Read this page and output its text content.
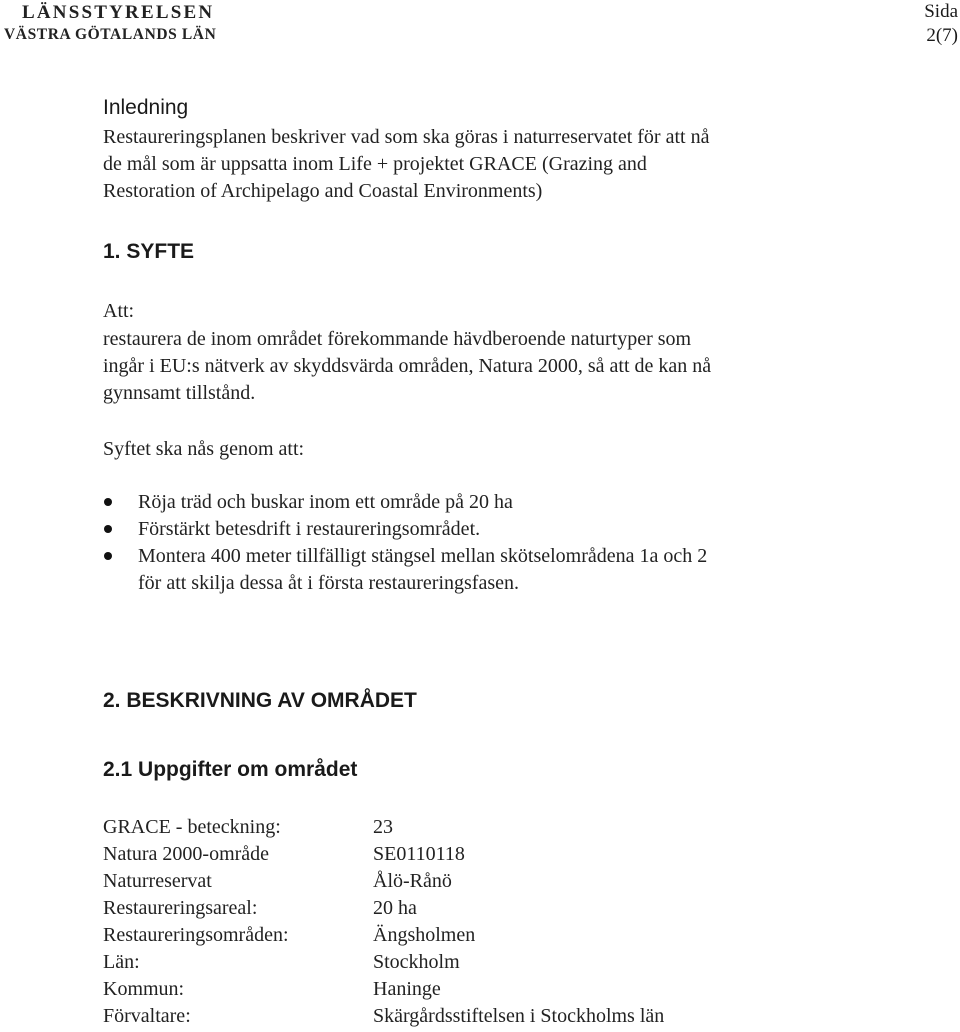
LÄNSSTYRELSEN
VÄSTRA GÖTALANDS LÄN
Sida
2(7)
Inledning
Restaureringsplanen beskriver vad som ska göras i naturreservatet för att nå
de mål som är uppsatta inom Life + projektet GRACE (Grazing and
Restoration of Archipelago and Coastal Environments)
1. SYFTE
Att:
restaurera de inom området förekommande hävdberoende naturtyper som
ingår i EU:s nätverk av skyddsvärda områden, Natura 2000, så att de kan nå
gynnsamt tillstånd.
Syftet ska nås genom att:
Röja träd och buskar inom ett område på 20 ha
Förstärkt betesdrift i restaureringsområdet.
Montera 400 meter tillfälligt stängsel mellan skötselområdena 1a och 2
för att skilja dessa åt i första restaureringsfasen.
2. BESKRIVNING AV OMRÅDET
2.1 Uppgifter om området
GRACE - beteckning:	23
Natura 2000-område	SE0110118
Naturreservat	Ålö-Rånö
Restaureringsareal:	20 ha
Restaureringsområden:	Ängsholmen
Län:	Stockholm
Kommun:	Haninge
Förvaltare:	Skärgårdsstiftelsen i Stockholms län
